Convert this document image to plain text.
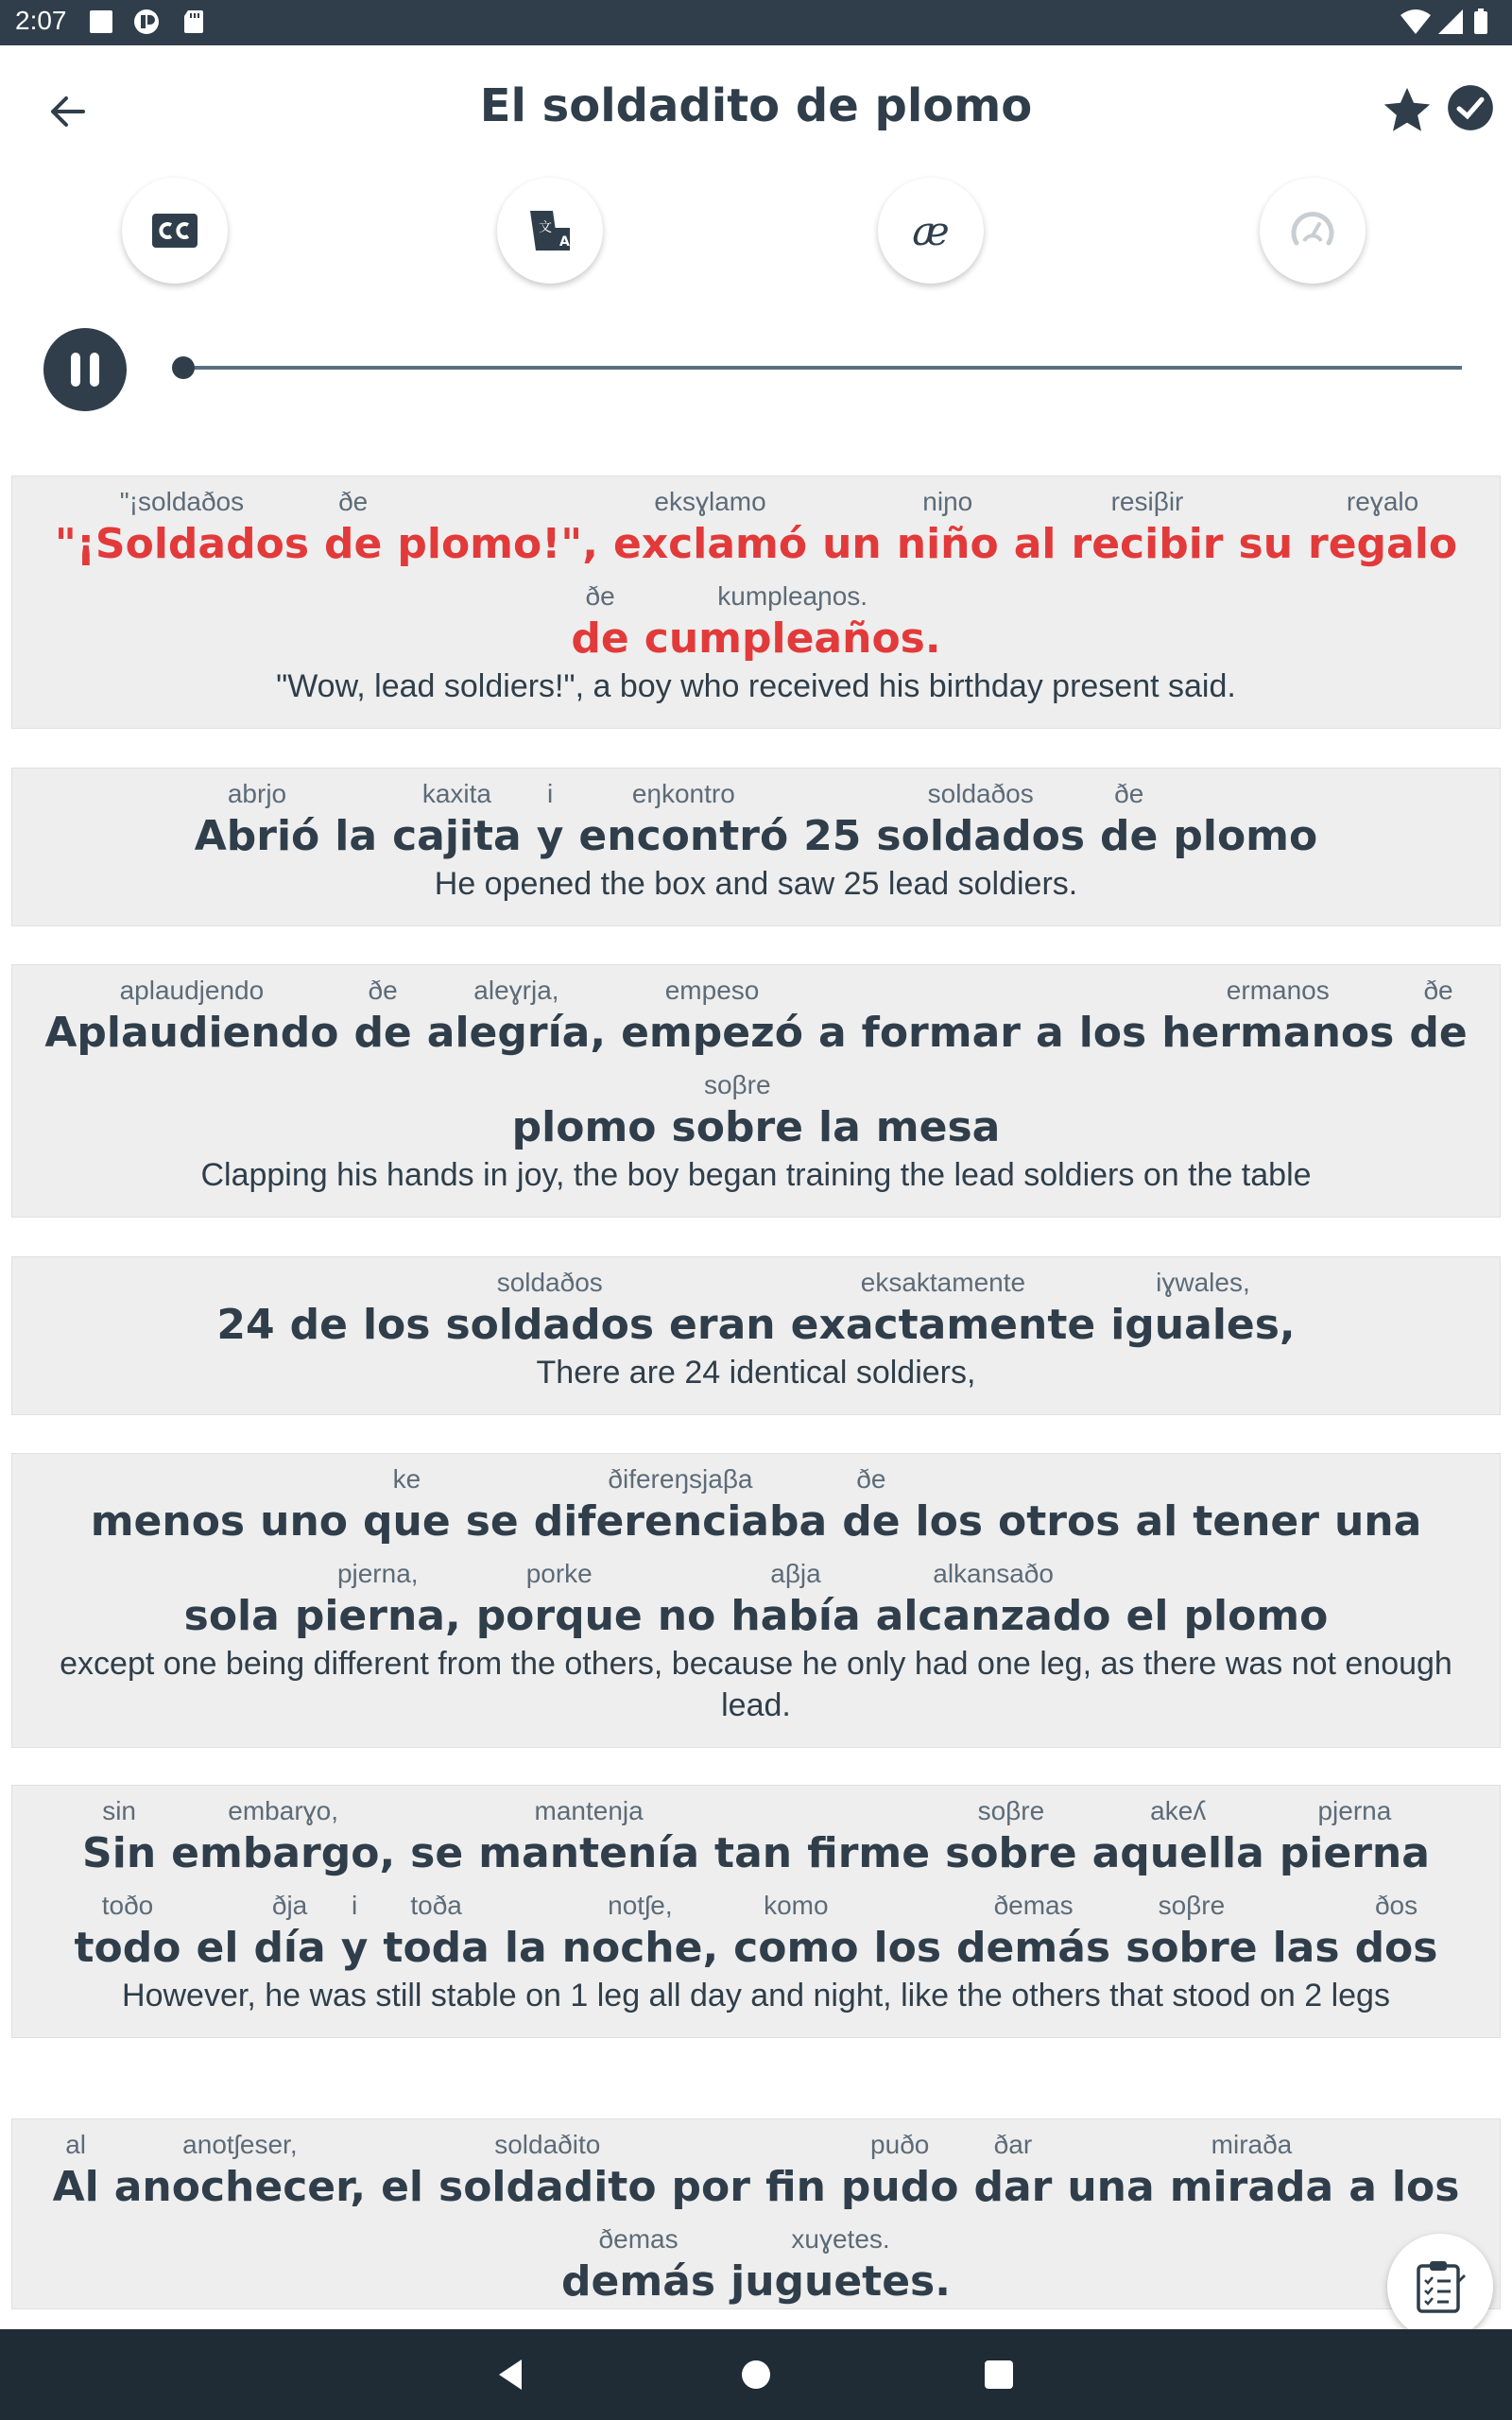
2:07
El soldadito de plomo
文
A	æ
"¡soldaðos
"¡Soldados
ðe
de plomo!",
eksɣlamo
exclamó un
niɲo
niño al
resiβir
recibir su
reɣalo
regalo
ðe
de
kumpleaɲos.
cumpleaños.
"Wow, lead soldiers!", a boy who received his birthday present said.
abrjo
Abrió la
kaxita
cajita
i
y
eŋkontro
encontró 25
soldaðos
soldados
ðe
de plomo
He opened the box and saw 25 lead soldiers.
aplaudjendo
Aplaudiendo
ðe
de
aleɣrja,
alegría,
empeso
empezó a formar a los
ermanos
hermanos
ðe
de
plomo
soβre
sobre la mesa
Clapping his hands in joy, the boy began training the lead soldiers on the table
24 de los
soldaðos
soldados eran
eksaktamente
exactamente
iɣwales,
iguales,
There are 24 identical soldiers,
menos uno
ke
que se
ðifereŋsjaβa
diferenciaba
ðe
de los otros al tener una
sola
pjerna,
pierna,
porke
porque no
aβja
había
alkansaðo
alcanzado el plomo
except one being different from the others, because he only had one leg, as there was not enough lead.
sin
Sin
embarɣo,
embargo, se
mantenja
mantenía tan firme
soβre
sobre
akeʎ
aquella
pjerna
pierna
toðo
todo el
ðja
día
i
y
toða
toda la
notʃe,
noche,
komo
como los
ðemas
demás
soβre
sobre las
ðos
dos
However, he was still stable on 1 leg all day and night, like the others that stood on 2 legs
al
Al
anotʃeser,
anochecer, el
soldaðito
soldadito por fin
puðo
pudo
ðar
dar una
miraða
mirada a los
ðemas
demás
xuɣetes.
juguetes.
